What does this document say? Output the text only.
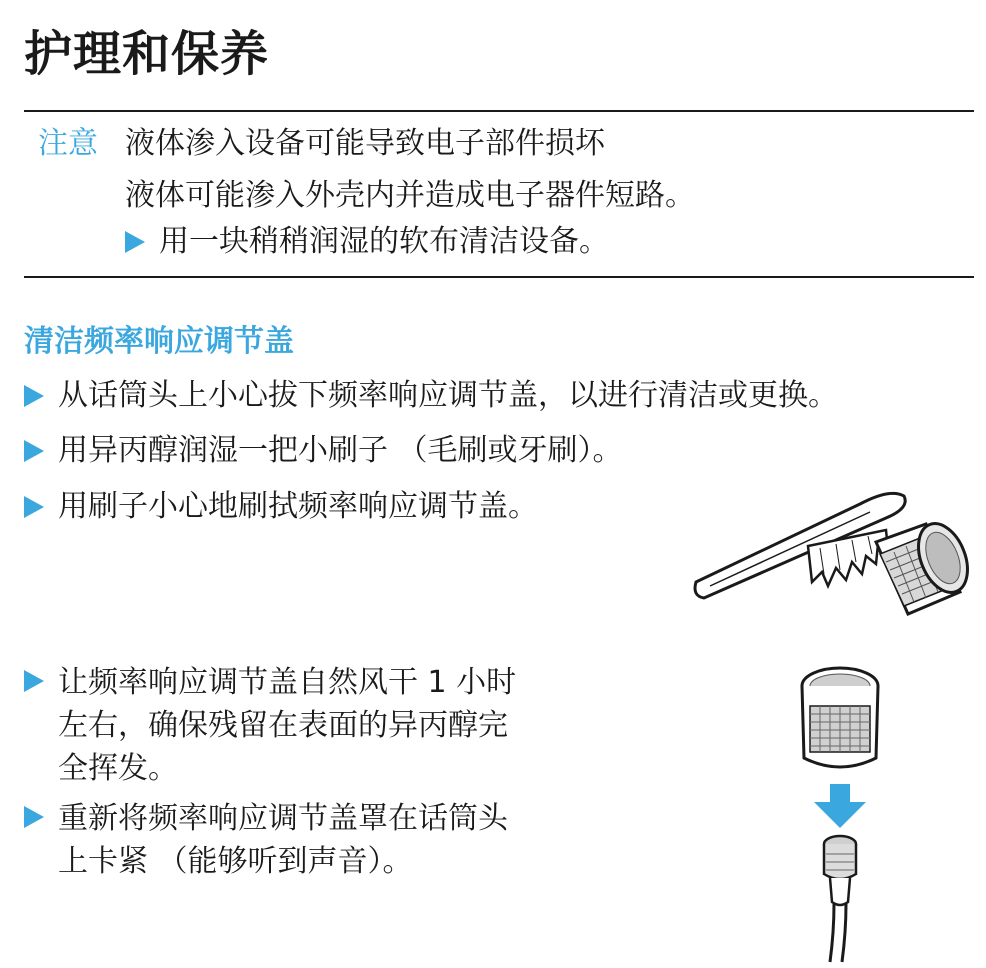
护理和保养
注意 液体渗入设备可能导致电子部件损坏
液体可能渗入外壳内并造成电子器件短路。
用一块稍稍润湿的软布清洁设备。
清洁频率响应调节盖
从话筒头上小心拔下频率响应调节盖，以进行清洁或更换。
用异丙醇润湿一把小刷子 （毛刷或牙刷）。
用刷子小心地刷拭频率响应调节盖。
让频率响应调节盖自然风干 1 小时
左右，确保残留在表面的异丙醇完
全挥发。
重新将频率响应调节盖罩在话筒头
上卡紧 （能够听到声音）。
